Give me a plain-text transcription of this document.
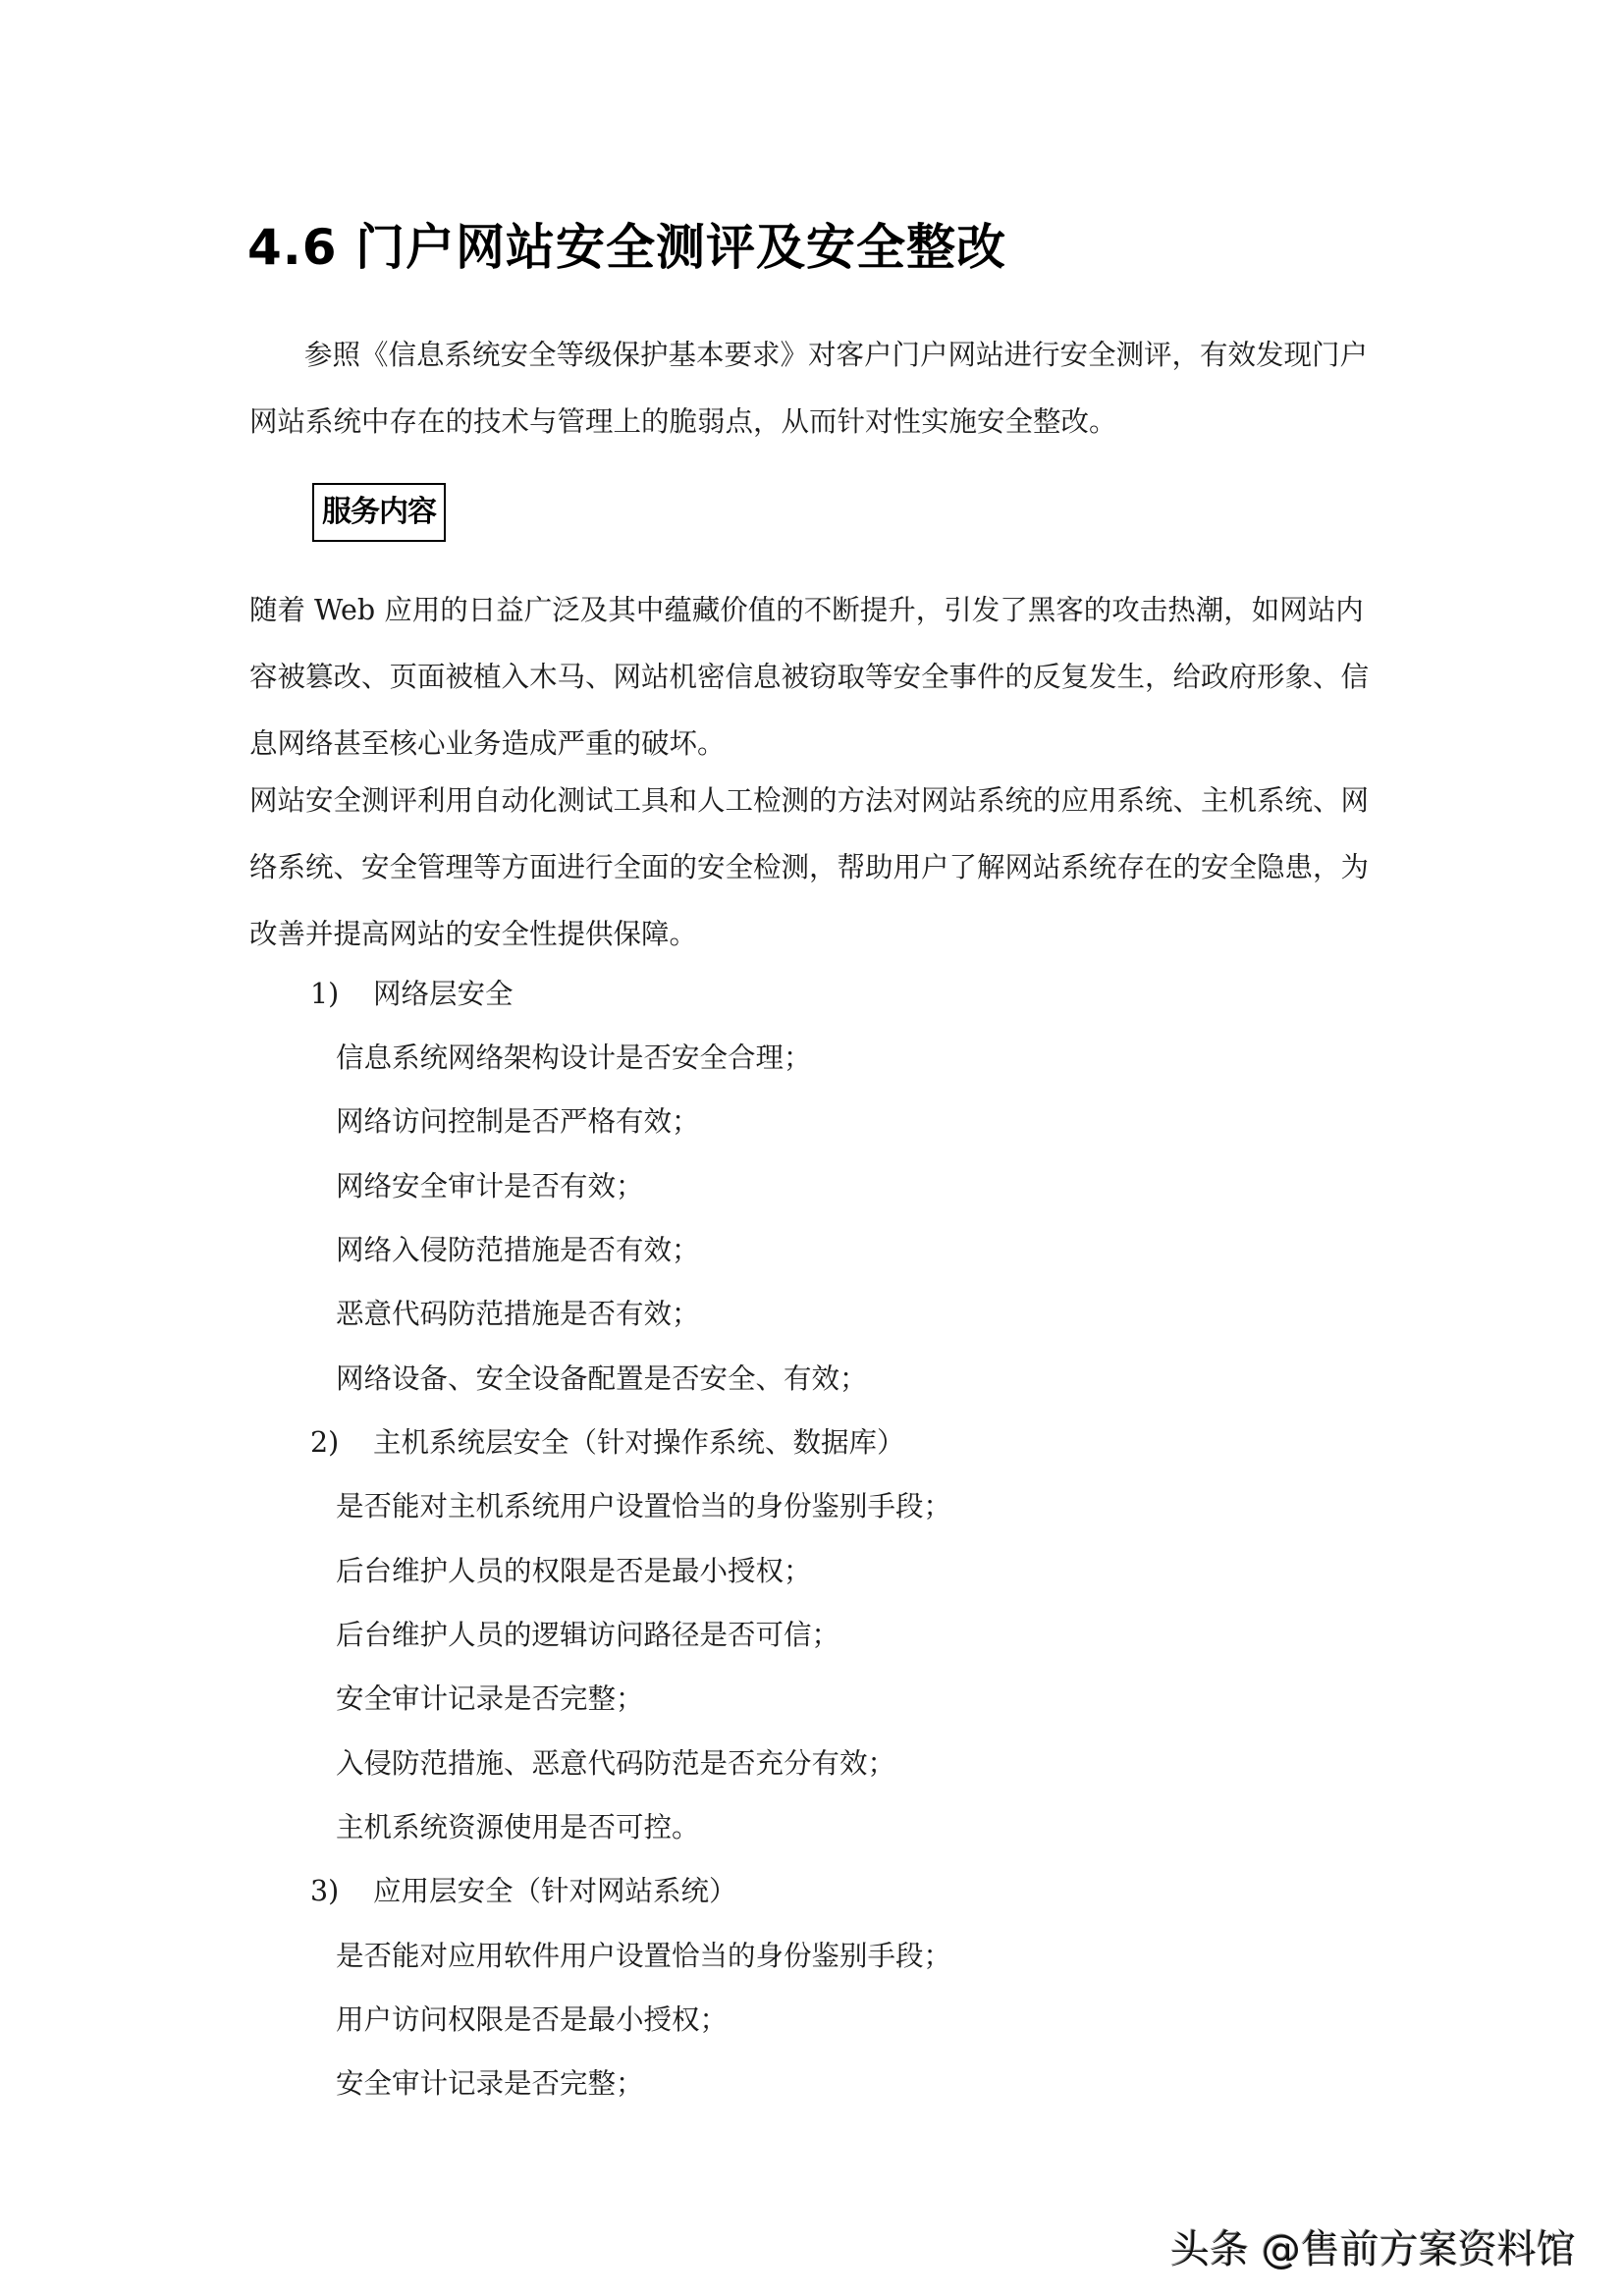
4.6 门户网站安全测评及安全整改
参照《信息系统安全等级保护基本要求》对客户门户网站进行安全测评，有效发现门户网站系统中存在的技术与管理上的脆弱点，从而针对性实施安全整改。
服务内容
随着 Web 应用的日益广泛及其中蕴藏价值的不断提升，引发了黑客的攻击热潮，如网站内容被篡改、页面被植入木马、网站机密信息被窃取等安全事件的反复发生，给政府形象、信息网络甚至核心业务造成严重的破坏。
网站安全测评利用自动化测试工具和人工检测的方法对网站系统的应用系统、主机系统、网络系统、安全管理等方面进行全面的安全检测，帮助用户了解网站系统存在的安全隐患，为改善并提高网站的安全性提供保障。
1) 网络层安全
信息系统网络架构设计是否安全合理；
网络访问控制是否严格有效；
网络安全审计是否有效；
网络入侵防范措施是否有效；
恶意代码防范措施是否有效；
网络设备、安全设备配置是否安全、有效；
2) 主机系统层安全（针对操作系统、数据库）
是否能对主机系统用户设置恰当的身份鉴别手段；
后台维护人员的权限是否是最小授权；
后台维护人员的逻辑访问路径是否可信；
安全审计记录是否完整；
入侵防范措施、恶意代码防范是否充分有效；
主机系统资源使用是否可控。
3) 应用层安全（针对网站系统）
是否能对应用软件用户设置恰当的身份鉴别手段；
用户访问权限是否是最小授权；
安全审计记录是否完整；
头条 @售前方案资料馆
